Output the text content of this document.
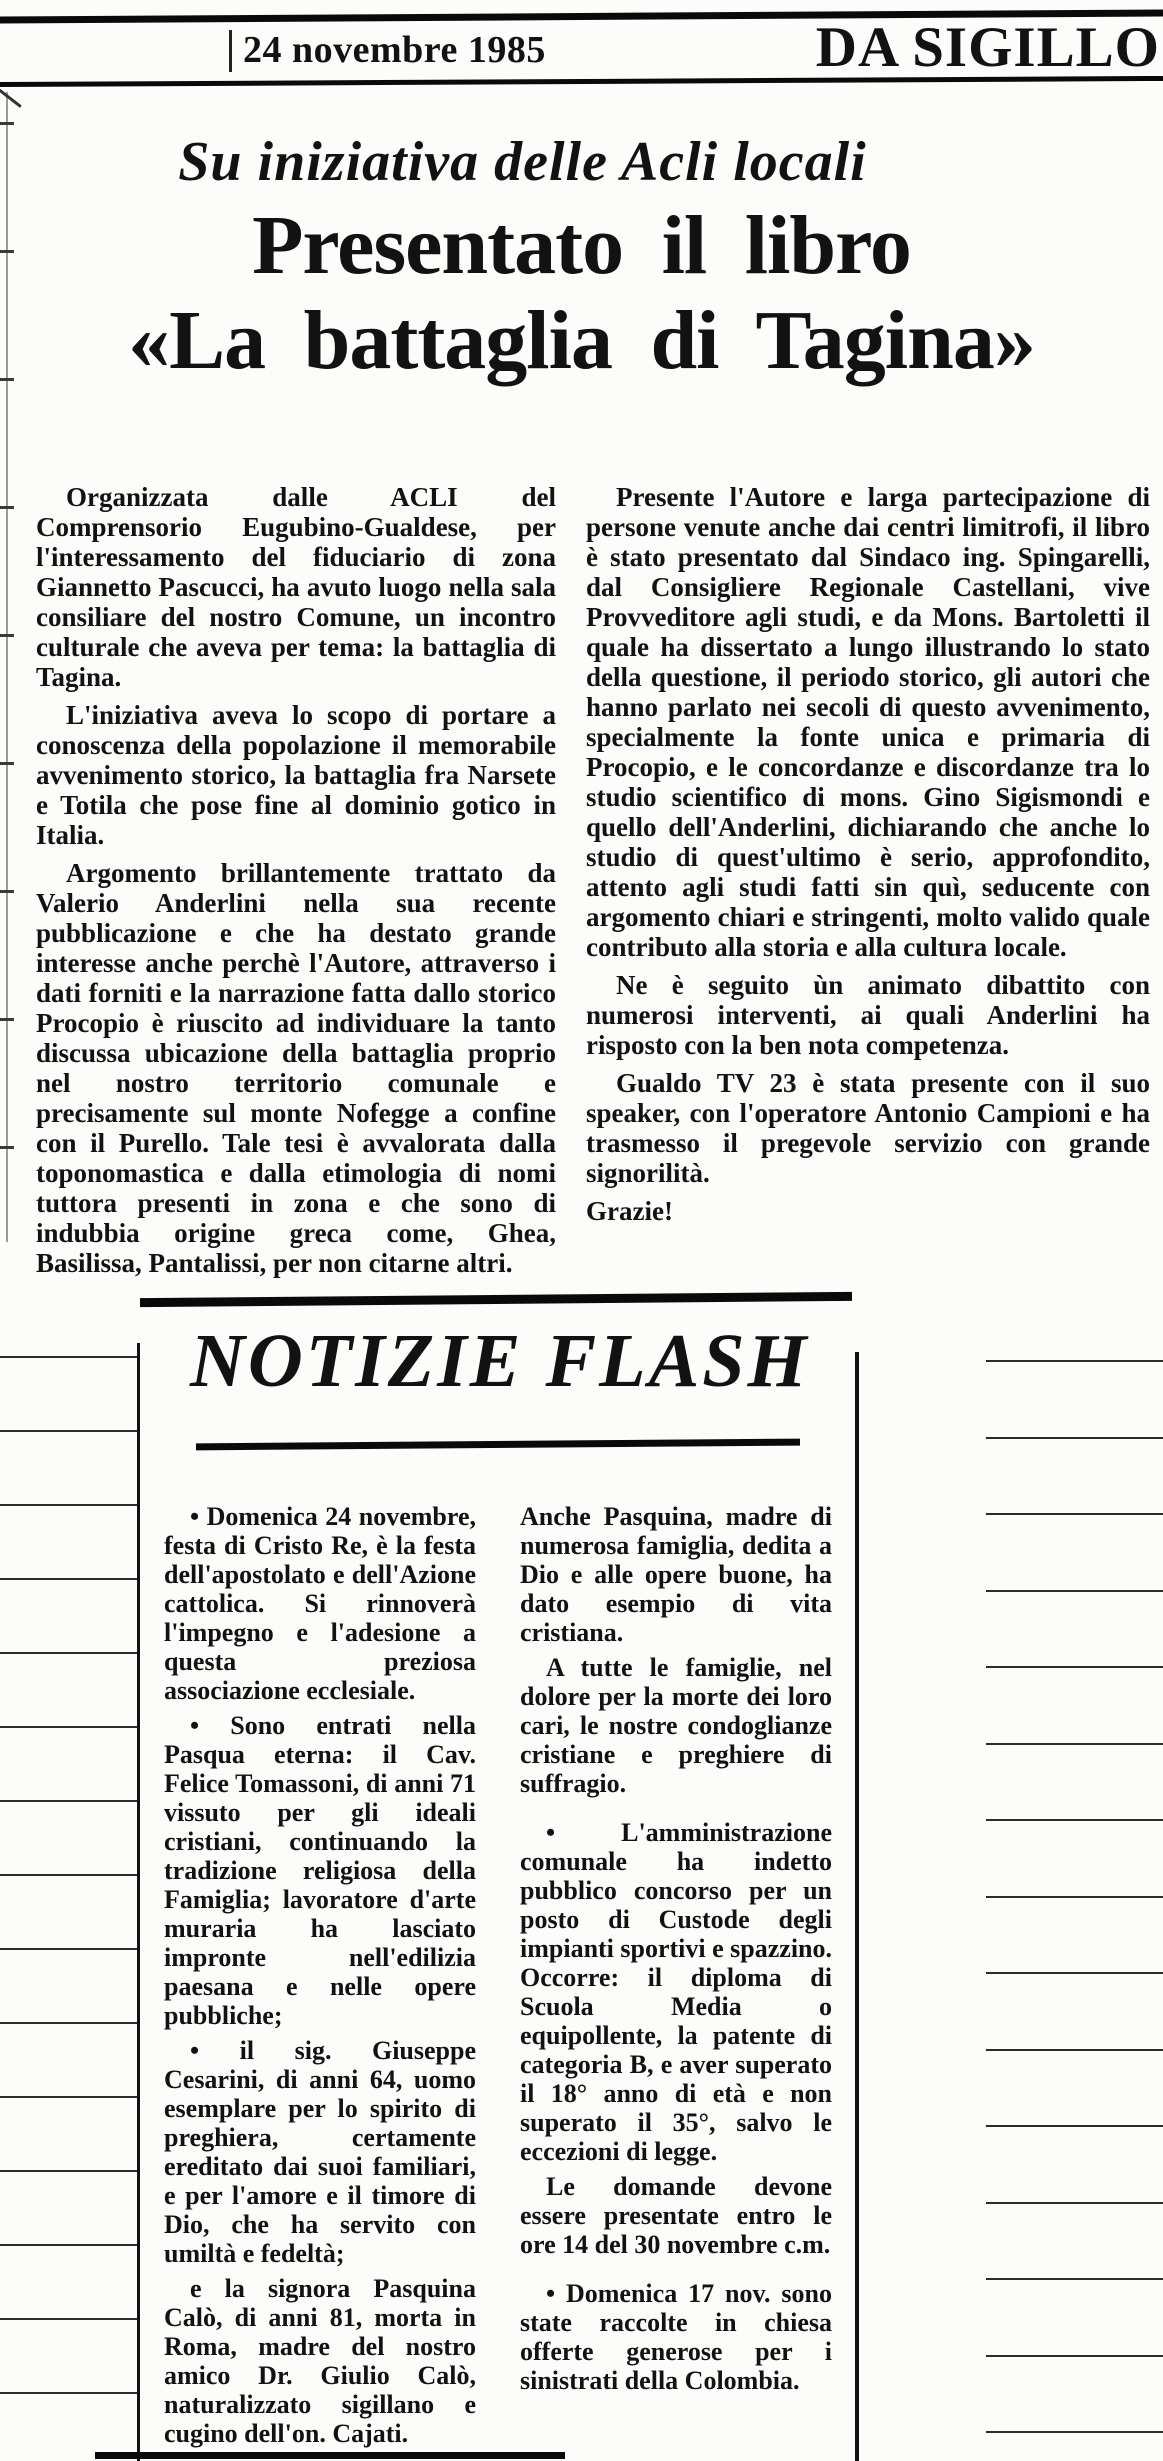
24 novembre 1985	DA SIGILLO
Su iniziativa delle Acli locali
Presentato il libro
«La battaglia di Tagina»

Organizzata dalle ACLI del Comprensorio Eugubino-Gualdese, per l'interessamento del fiduciario di zona Giannetto Pascucci, ha avuto luogo nella sala consiliare del nostro Comune, un incontro culturale che aveva per tema: la battaglia di Tagina.

L'iniziativa aveva lo scopo di portare a conoscenza della popolazione il memorabile avvenimento storico, la battaglia fra Narsete e Totila che pose fine al dominio gotico in Italia.

Argomento brillantemente trattato da Valerio Anderlini nella sua recente pubblicazione e che ha destato grande interesse anche perchè l'Autore, attraverso i dati forniti e la narrazione fatta dallo storico Procopio è riuscito ad individuare la tanto discussa ubicazione della battaglia proprio nel nostro territorio comunale e precisamente sul monte Nofegge a confine con il Purello. Tale tesi è avvalorata dalla toponomastica e dalla etimologia di nomi tuttora presenti in zona e che sono di indubbia origine greca come, Ghea, Basilissa, Pantalissi, per non citarne altri.

Presente l'Autore e larga partecipazione di persone venute anche dai centri limitrofi, il libro è stato presentato dal Sindaco ing. Spingarelli, dal Consigliere Regionale Castellani, vive Provveditore agli studi, e da Mons. Bartoletti il quale ha dissertato a lungo illustrando lo stato della questione, il periodo storico, gli autori che hanno parlato nei secoli di questo avvenimento, specialmente la fonte unica e primaria di Procopio, e le concordanze e discordanze tra lo studio scientifico di mons. Gino Sigismondi e quello dell'Anderlini, dichiarando che anche lo studio di quest'ultimo è serio, approfondito, attento agli studi fatti sin quì, seducente con argomento chiari e stringenti, molto valido quale contributo alla storia e alla cultura locale.

Ne è seguito ùn animato dibattito con numerosi interventi, ai quali Anderlini ha risposto con la ben nota competenza.

Gualdo TV 23 è stata presente con il suo speaker, con l'operatore Antonio Campioni e ha trasmesso il pregevole servizio con grande signorilità.

Grazie!

NOTIZIE FLASH

• Domenica 24 novembre, festa di Cristo Re, è la festa dell'apostolato e dell'Azione cattolica. Si rinnoverà l'impegno e l'adesione a questa preziosa associazione ecclesiale.

• Sono entrati nella Pasqua eterna: il Cav. Felice Tomassoni, di anni 71 vissuto per gli ideali cristiani, continuando la tradizione religiosa della Famiglia; lavoratore d'arte muraria ha lasciato impronte nell'edilizia paesana e nelle opere pubbliche;

• il sig. Giuseppe Cesarini, di anni 64, uomo esemplare per lo spirito di preghiera, certamente ereditato dai suoi familiari, e per l'amore e il timore di Dio, che ha servito con umiltà e fedeltà;

e la signora Pasquina Calò, di anni 81, morta in Roma, madre del nostro amico Dr. Giulio Calò, naturalizzato sigillano e cugino dell'on. Cajati.

Anche Pasquina, madre di numerosa famiglia, dedita a Dio e alle opere buone, ha dato esempio di vita cristiana.

A tutte le famiglie, nel dolore per la morte dei loro cari, le nostre condoglianze cristiane e preghiere di suffragio.

• L'amministrazione comunale ha indetto pubblico concorso per un posto di Custode degli impianti sportivi e spazzino. Occorre: il diploma di Scuola Media o equipollente, la patente di categoria B, e aver superato il 18° anno di età e non superato il 35°, salvo le eccezioni di legge.

Le domande devone essere presentate entro le ore 14 del 30 novembre c.m.

• Domenica 17 nov. sono state raccolte in chiesa offerte generose per i sinistrati della Colombia.
